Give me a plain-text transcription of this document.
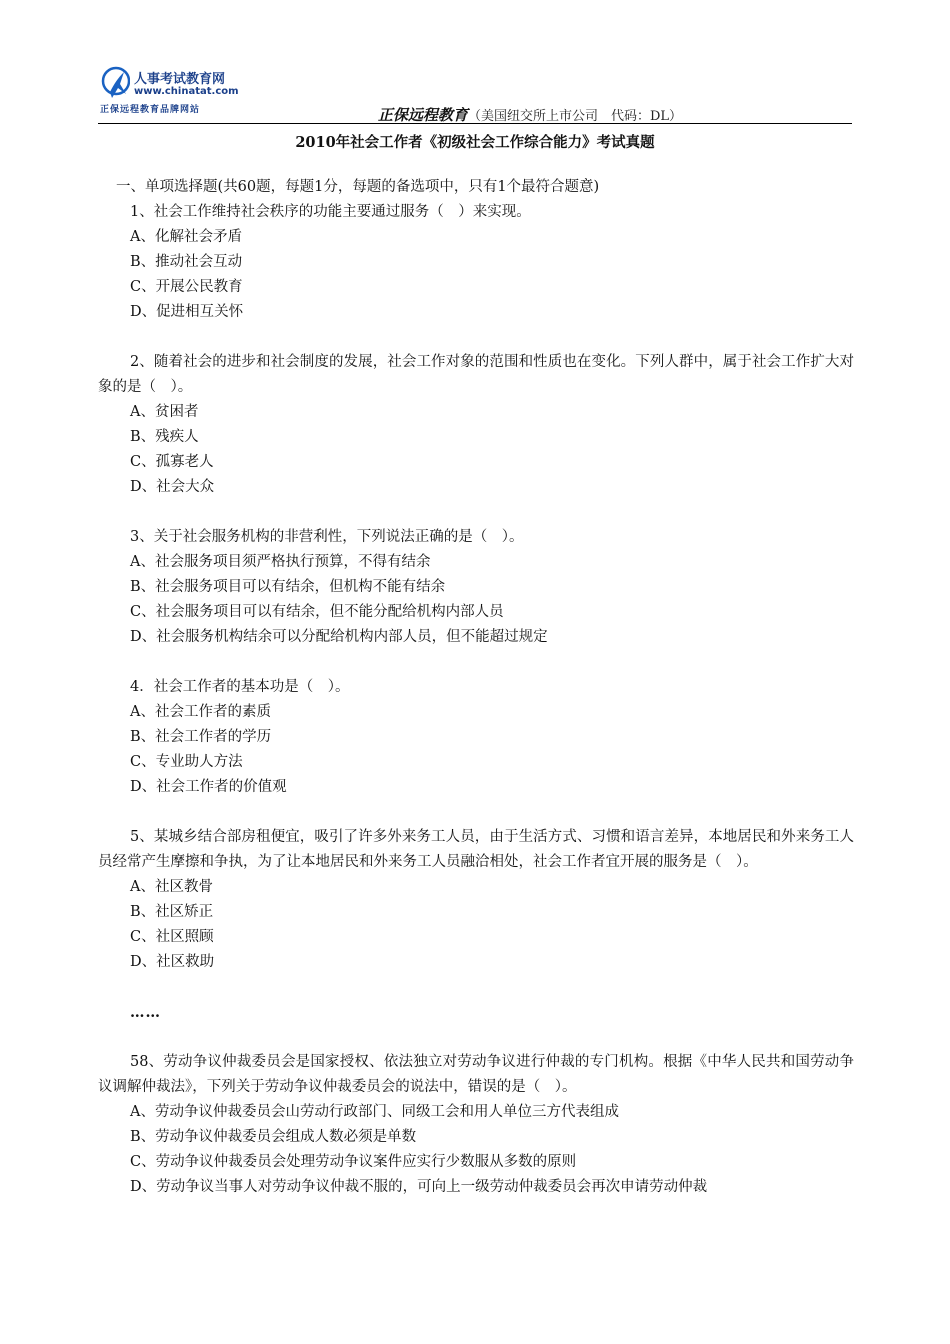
人事考试教育网
www.chinatat.com
正保远程教育品牌网站	正保远程教育（美国纽交所上市公司　代码：DL）
2010年社会工作者《初级社会工作综合能力》考试真题
一、单项选择题(共60题，每题1分，每题的备选项中，只有1个最符合题意)
1、社会工作维持社会秩序的功能主要通过服务（　）来实现。
A、化解社会矛盾
B、推动社会互动
C、开展公民教育
D、促进相互关怀
2、随着社会的进步和社会制度的发展，社会工作对象的范围和性质也在变化。下列人群中，属于社会工作扩大对象的是（　）。
A、贫困者
B、残疾人
C、孤寡老人
D、社会大众
3、关于社会服务机构的非营利性，下列说法正确的是（　）。
A、社会服务项目须严格执行预算，不得有结余
B、社会服务项目可以有结余，但机构不能有结余
C、社会服务项目可以有结余，但不能分配给机构内部人员
D、社会服务机构结余可以分配给机构内部人员，但不能超过规定
4．社会工作者的基本功是（　）。
A、社会工作者的素质
B、社会工作者的学历
C、专业助人方法
D、社会工作者的价值观
5、某城乡结合部房租便宜，吸引了许多外来务工人员，由于生活方式、习惯和语言差异，本地居民和外来务工人员经常产生摩擦和争执，为了让本地居民和外来务工人员融洽相处，社会工作者宜开展的服务是（　）。
A、社区教骨
B、社区矫正
C、社区照顾
D、社区救助
……
58、劳动争议仲裁委员会是国家授权、依法独立对劳动争议进行仲裁的专门机构。根据《中华人民共和国劳动争议调解仲裁法》，下列关于劳动争议仲裁委员会的说法中，错误的是（　）。
A、劳动争议仲裁委员会山劳动行政部门、同级工会和用人单位三方代表组成
B、劳动争议仲裁委员会组成人数必须是单数
C、劳动争议仲裁委员会处理劳动争议案件应实行少数服从多数的原则
D、劳动争议当事人对劳动争议仲裁不服的，可向上一级劳动仲裁委员会再次申请劳动仲裁
